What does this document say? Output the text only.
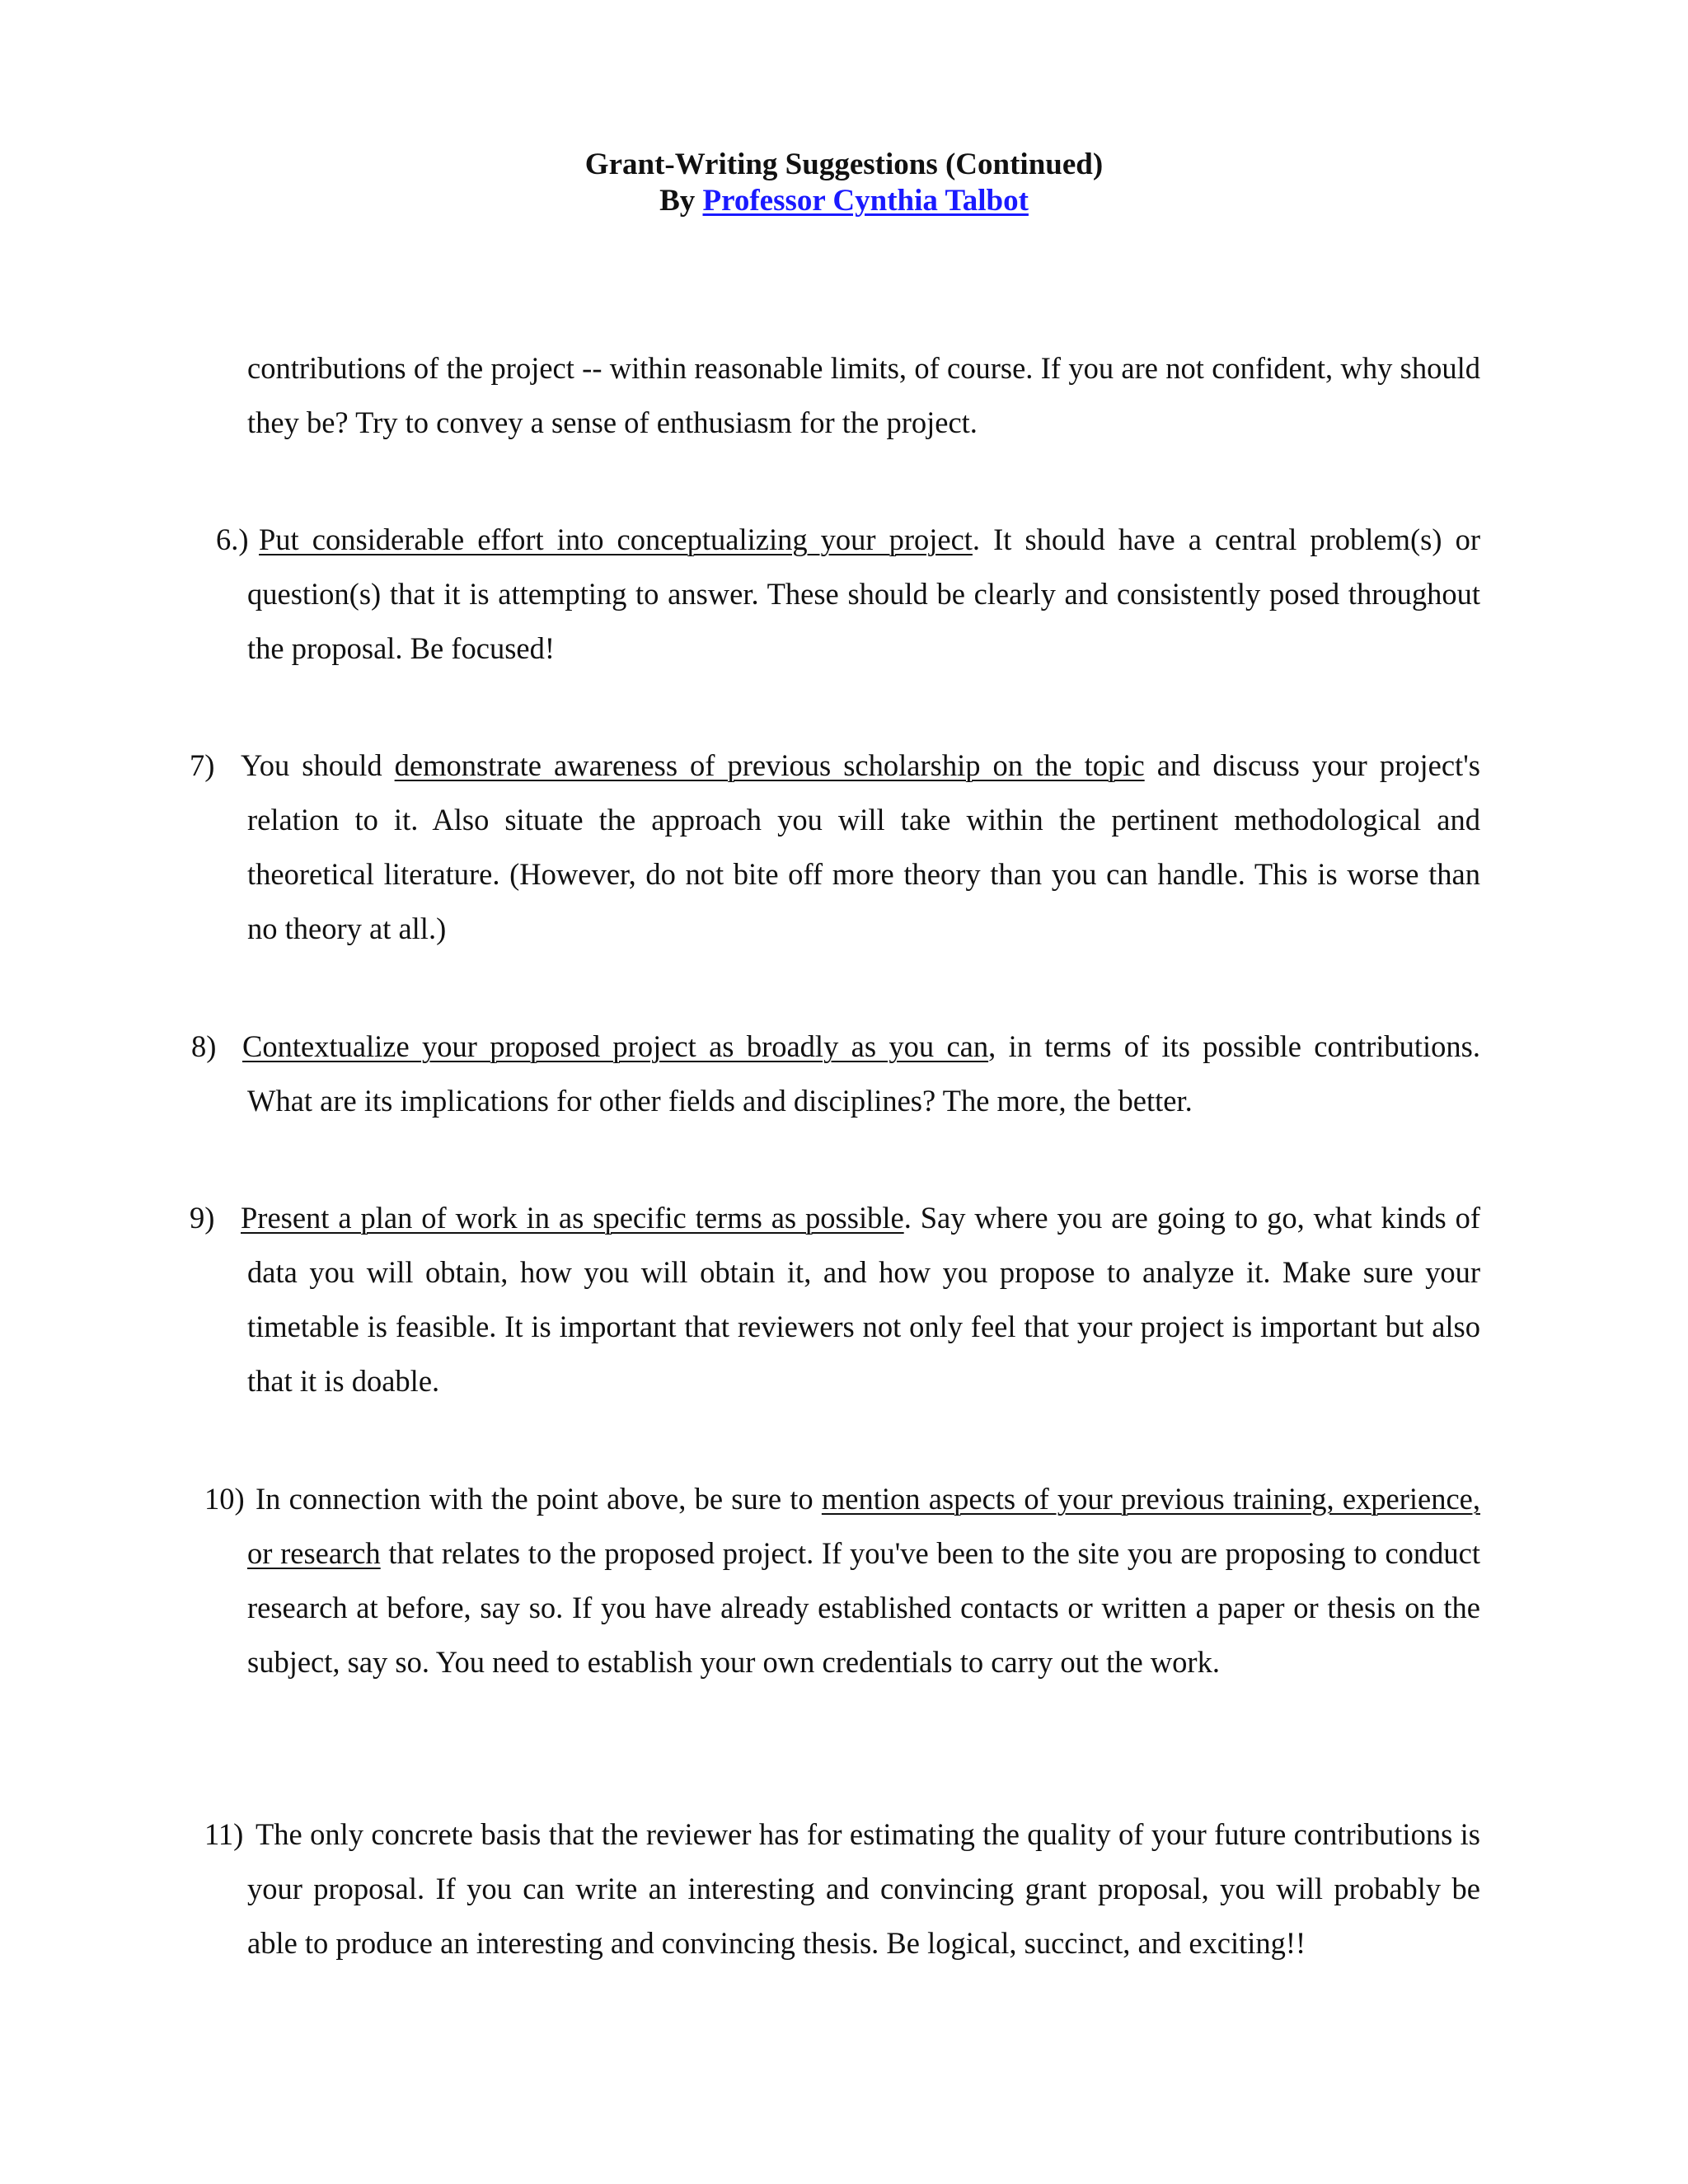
Grant-Writing Suggestions (Continued)
By Professor Cynthia Talbot
contributions of the project -- within reasonable limits, of course. If you are not confident, why should they be? Try to convey a sense of enthusiasm for the project.
6.) Put considerable effort into conceptualizing your project. It should have a central problem(s) or question(s) that it is attempting to answer. These should be clearly and consistently posed throughout the proposal. Be focused!
7) You should demonstrate awareness of previous scholarship on the topic and discuss your project's relation to it. Also situate the approach you will take within the pertinent methodological and theoretical literature. (However, do not bite off more theory than you can handle. This is worse than no theory at all.)
8) Contextualize your proposed project as broadly as you can, in terms of its possible contributions. What are its implications for other fields and disciplines? The more, the better.
9) Present a plan of work in as specific terms as possible. Say where you are going to go, what kinds of data you will obtain, how you will obtain it, and how you propose to analyze it. Make sure your timetable is feasible. It is important that reviewers not only feel that your project is important but also that it is doable.
10) In connection with the point above, be sure to mention aspects of your previous training, experience, or research that relates to the proposed project. If you've been to the site you are proposing to conduct research at before, say so. If you have already established contacts or written a paper or thesis on the subject, say so. You need to establish your own credentials to carry out the work.
11) The only concrete basis that the reviewer has for estimating the quality of your future contributions is your proposal. If you can write an interesting and convincing grant proposal, you will probably be able to produce an interesting and convincing thesis. Be logical, succinct, and exciting!!
